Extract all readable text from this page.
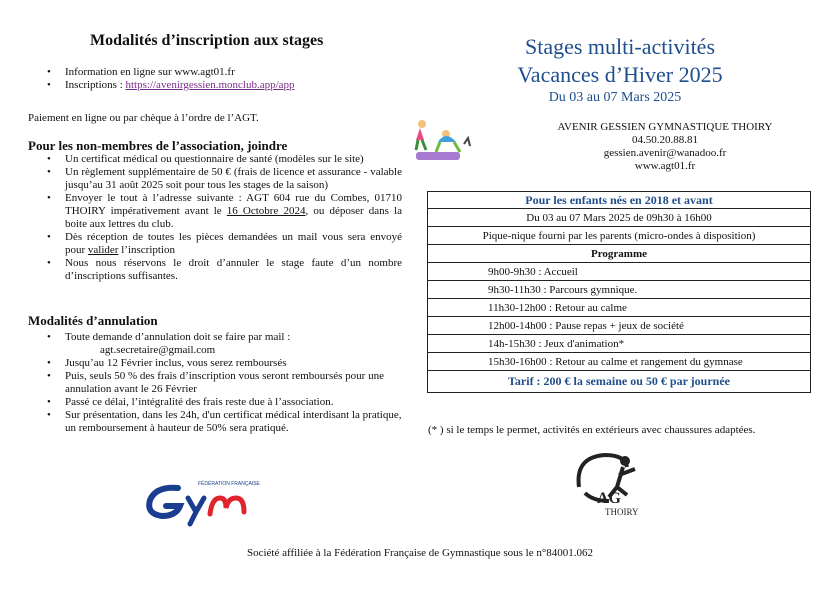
Modalités d’inscription aux stages
• Information en ligne sur www.agt01.fr
• Inscriptions : https://avenirgessien.monclub.app/app
Paiement en ligne ou par chèque à l’ordre de l’AGT.
Pour les non-membres de l’association, joindre
• Un certificat médical ou questionnaire de santé (modèles sur le site)
• Un règlement supplémentaire de 50 € (frais de licence et assurance - valable jusqu’au 31 août 2025 soit pour tous les stages de la saison)
• Envoyer le tout à l’adresse suivante : AGT 604 rue du Combes, 01710 THOIRY impérativement avant le 16 Octobre 2024, ou déposer dans la boite aux lettres du club.
• Dès réception de toutes les pièces demandées un mail vous sera envoyé pour valider l’inscription
• Nous nous réservons le droit d’annuler le stage faute d’un nombre d’inscriptions suffisantes.
Modalités d’annulation
• Toute demande d’annulation doit se faire par mail :
agt.secretaire@gmail.com
• Jusqu’au 12 Février inclus, vous serez remboursés
• Puis, seuls 50 % des frais d’inscription vous seront remboursés pour une annulation avant le 26 Février
• Passé ce délai, l’intégralité des frais reste due à l’association.
• Sur présentation, dans les 24h, d'un certificat médical interdisant la pratique, un remboursement à hauteur de 50% sera pratiqué.
FÉDÉRATION FRANÇAISE
Stages multi-activités
Vacances d’Hiver 2025
Du 03 au 07 Mars 2025
AVENIR GESSIEN GYMNASTIQUE THOIRY
04.50.20.88.81
gessien.avenir@wanadoo.fr
www.agt01.fr
Pour les enfants nés en 2018 et avant
Du 03 au 07 Mars 2025 de 09h30 à 16h00
Pique-nique fourni par les parents (micro-ondes à disposition)
Programme
9h00-9h30 : Accueil
9h30-11h30 : Parcours gymnique.
11h30-12h00 : Retour au calme
12h00-14h00 : Pause repas + jeux de société
14h-15h30 : Jeux d'animation*
15h30-16h00 : Retour au calme et rangement du gymnase
Tarif : 200 € la semaine ou 50 € par journée
(* ) si le temps le permet, activités en extérieurs avec chaussures adaptées.
AG
THOIRY
Société affiliée à la Fédération Française de Gymnastique sous le n°84001.062
